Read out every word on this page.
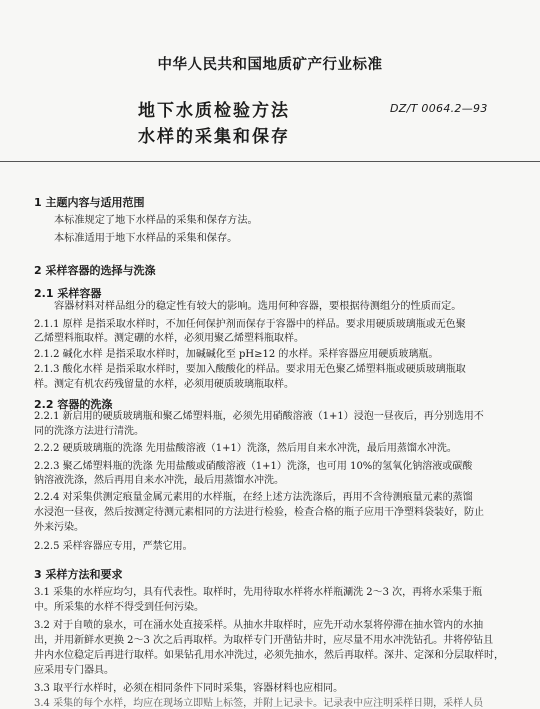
中华人民共和国地质矿产行业标准
地下水质检验方法
水样的采集和保存
DZ/T 0064.2—93
1 主题内容与适用范围
本标准规定了地下水样品的采集和保存方法。
本标准适用于地下水样品的采集和保存。
2 采样容器的选择与洗涤
2.1 采样容器
容器材料对样品组分的稳定性有较大的影响。选用何种容器，要根据待测组分的性质而定。
2.1.1 原样 是指采取水样时，不加任何保护剂而保存于容器中的样品。要求用硬质玻璃瓶或无色聚
乙烯塑料瓶取样。测定硼的水样，必须用聚乙烯塑料瓶取样。
2.1.2 碱化水样 是指采取水样时，加碱碱化至 pH≥12 的水样。采样容器应用硬质玻璃瓶。
2.1.3 酸化水样 是指采取水样时，要加入酸酸化的样品。要求用无色聚乙烯塑料瓶或硬质玻璃瓶取
样。测定有机农药残留量的水样，必须用硬质玻璃瓶取样。
2.2 容器的洗涤
2.2.1 新启用的硬质玻璃瓶和聚乙烯塑料瓶，必须先用硝酸溶液（1+1）浸泡一昼夜后，再分别选用不
同的洗涤方法进行清洗。
2.2.2 硬质玻璃瓶的洗涤 先用盐酸溶液（1+1）洗涤，然后用自来水冲洗，最后用蒸馏水冲洗。
2.2.3 聚乙烯塑料瓶的洗涤 先用盐酸或硝酸溶液（1+1）洗涤，也可用 10%的氢氧化钠溶液或碳酸
钠溶液洗涤，然后再用自来水冲洗，最后用蒸馏水冲洗。
2.2.4 对采集供测定痕量金属元素用的水样瓶，在经上述方法洗涤后，再用不含待测痕量元素的蒸馏
水浸泡一昼夜，然后按测定待测元素相同的方法进行检验，检查合格的瓶子应用干净塑料袋装好，防止
外来污染。
2.2.5 采样容器应专用，严禁它用。
3 采样方法和要求
3.1 采集的水样应均匀，具有代表性。取样时，先用待取水样将水样瓶涮洗 2～3 次，再将水采集于瓶
中。所采集的水样不得受到任何污染。
3.2 对于自喷的泉水，可在涌水处直接采样。从抽水井取样时，应先开动水泵将停滞在抽水管内的水抽
出，并用新鲜水更换 2～3 次之后再取样。为取样专门开凿钻井时，应尽量不用水冲洗钻孔。井将停钻且
井内水位稳定后再进行取样。如果钻孔用水冲洗过，必须先抽水，然后再取样。深井、定深和分层取样时，
应采用专门器具。
3.3 取平行水样时，必须在相同条件下同时采集，容器材料也应相同。
3.4 采集的每个水样，均应在现场立即贴上标签，并附上记录卡。记录表中应注明采样日期，采样人员
